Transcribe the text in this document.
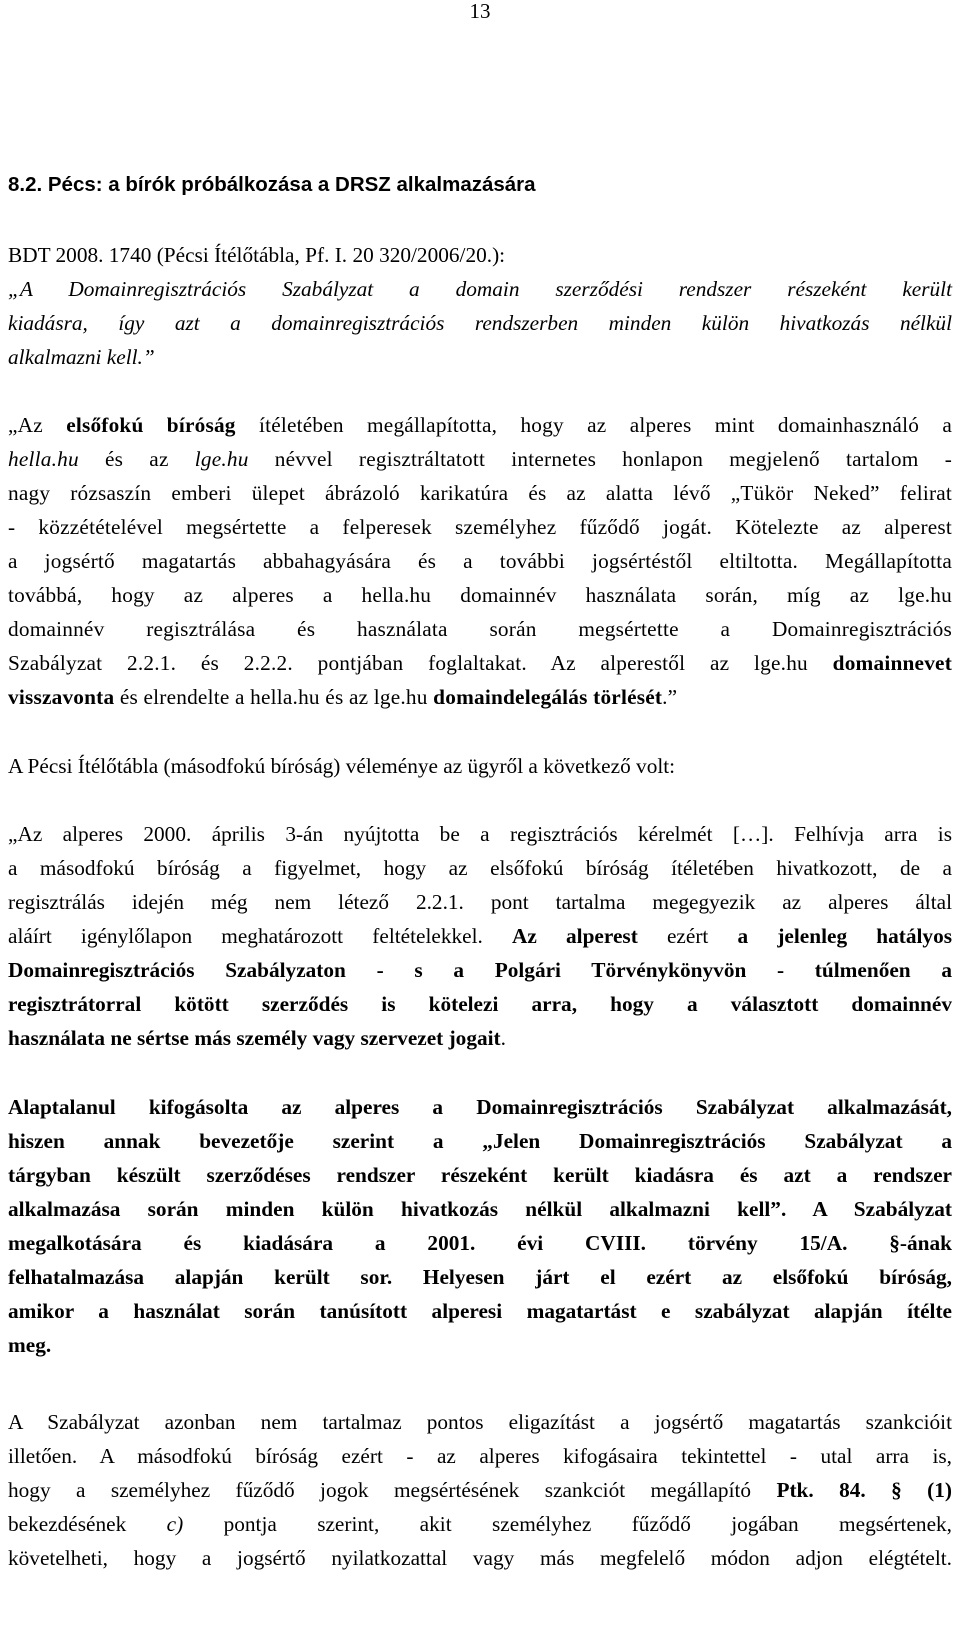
13
8.2. Pécs: a bírók próbálkozása a DRSZ alkalmazására
BDT 2008. 1740 (Pécsi Ítélőtábla, Pf. I. 20 320/2006/20.):
„A Domainregisztrációs Szabályzat a domain szerződési rendszer részeként került
kiadásra, így azt a domainregisztrációs rendszerben minden külön hivatkozás nélkül
alkalmazni kell.”
„Az elsőfokú bíróság ítéletében megállapította, hogy az alperes mint domainhasználó a
hella.hu és az lge.hu névvel regisztráltatott internetes honlapon megjelenő tartalom -
nagy rózsaszín emberi ülepet ábrázoló karikatúra és az alatta lévő „Tükör Neked” felirat
- közzétételével megsértette a felperesek személyhez fűződő jogát. Kötelezte az alperest
a jogsértő magatartás abbahagyására és a további jogsértéstől eltiltotta. Megállapította
továbbá, hogy az alperes a hella.hu domainnév használata során, míg az lge.hu
domainnév regisztrálása és használata során megsértette a Domainregisztrációs
Szabályzat 2.2.1. és 2.2.2. pontjában foglaltakat. Az alperestől az lge.hu domainnevet
visszavonta és elrendelte a hella.hu és az lge.hu domaindelegálás törlését.”
A Pécsi Ítélőtábla (másodfokú bíróság) véleménye az ügyről a következő volt:
„Az alperes 2000. április 3-án nyújtotta be a regisztrációs kérelmét […]. Felhívja arra is
a másodfokú bíróság a figyelmet, hogy az elsőfokú bíróság ítéletében hivatkozott, de a
regisztrálás idején még nem létező 2.2.1. pont tartalma megegyezik az alperes által
aláírt igénylőlapon meghatározott feltételekkel. Az alperest ezért a jelenleg hatályos
Domainregisztrációs Szabályzaton - s a Polgári Törvénykönyvön - túlmenően a
regisztrátorral kötött szerződés is kötelezi arra, hogy a választott domainnév
használata ne sértse más személy vagy szervezet jogait.
Alaptalanul kifogásolta az alperes a Domainregisztrációs Szabályzat alkalmazását,
hiszen annak bevezetője szerint a „Jelen Domainregisztrációs Szabályzat a
tárgyban készült szerződéses rendszer részeként került kiadásra és azt a rendszer
alkalmazása során minden külön hivatkozás nélkül alkalmazni kell”. A Szabályzat
megalkotására és kiadására a 2001. évi CVIII. törvény 15/A. §-ának
felhatalmazása alapján került sor. Helyesen járt el ezért az elsőfokú bíróság,
amikor a használat során tanúsított alperesi magatartást e szabályzat alapján ítélte
meg.
A Szabályzat azonban nem tartalmaz pontos eligazítást a jogsértő magatartás szankcióit
illetően. A másodfokú bíróság ezért - az alperes kifogásaira tekintettel - utal arra is,
hogy a személyhez fűződő jogok megsértésének szankciót megállapító Ptk. 84. § (1)
bekezdésének c) pontja szerint, akit személyhez fűződő jogában megsértenek,
követelheti, hogy a jogsértő nyilatkozattal vagy más megfelelő módon adjon elégtételt.
